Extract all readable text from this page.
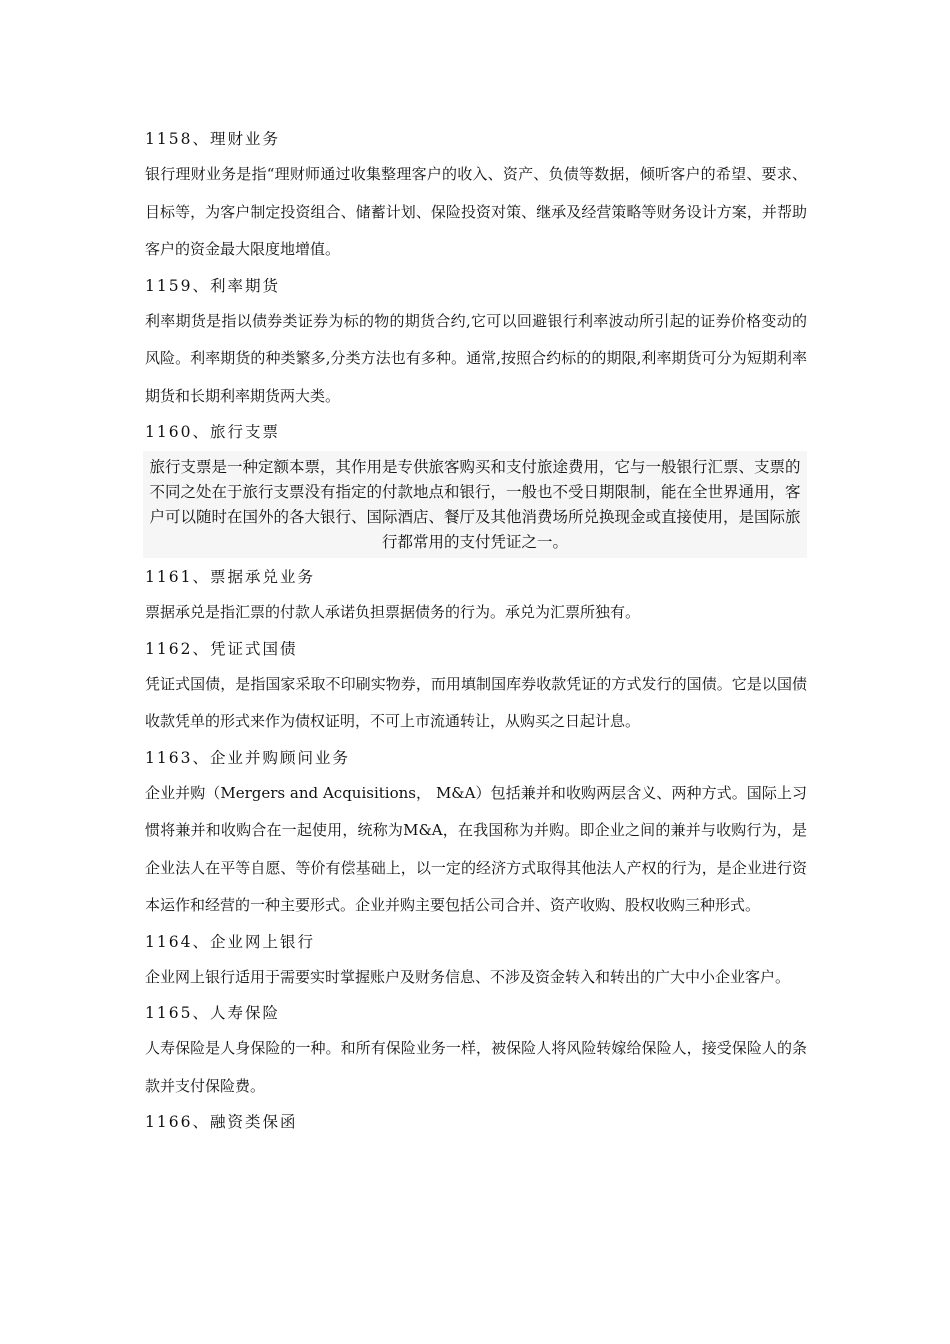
1158、理财业务

银行理财业务是指“理财师通过收集整理客户的收入、资产、负债等数据，倾听客户的希望、要求、目标等，为客户制定投资组合、储蓄计划、保险投资对策、继承及经营策略等财务设计方案，并帮助客户的资金最大限度地增值。

1159、利率期货

利率期货是指以债券类证券为标的物的期货合约,它可以回避银行利率波动所引起的证券价格变动的风险。利率期货的种类繁多,分类方法也有多种。通常,按照合约标的的期限,利率期货可分为短期利率期货和长期利率期货两大类。

1160、旅行支票
旅行支票是一种定额本票，其作用是专供旅客购买和支付旅途费用，它与一般银行汇票、支票的不同之处在于旅行支票没有指定的付款地点和银行，一般也不受日期限制，能在全世界通用，客户可以随时在国外的各大银行、国际酒店、餐厅及其他消费场所兑换现金或直接使用，是国际旅行都常用的支付凭证之一。
1161、票据承兑业务

票据承兑是指汇票的付款人承诺负担票据债务的行为。承兑为汇票所独有。

1162、凭证式国债

凭证式国债，是指国家采取不印刷实物券，而用填制国库券收款凭证的方式发行的国债。它是以国债收款凭单的形式来作为债权证明，不可上市流通转让，从购买之日起计息。

1163、企业并购顾问业务

企业并购（Mergers and Acquisitions， M&A）包括兼并和收购两层含义、两种方式。国际上习惯将兼并和收购合在一起使用，统称为M&A，在我国称为并购。即企业之间的兼并与收购行为，是企业法人在平等自愿、等价有偿基础上，以一定的经济方式取得其他法人产权的行为，是企业进行资本运作和经营的一种主要形式。企业并购主要包括公司合并、资产收购、股权收购三种形式。

1164、企业网上银行

企业网上银行适用于需要实时掌握账户及财务信息、不涉及资金转入和转出的广大中小企业客户。

1165、人寿保险

人寿保险是人身保险的一种。和所有保险业务一样，被保险人将风险转嫁给保险人，接受保险人的条款并支付保险费。

1166、融资类保函
